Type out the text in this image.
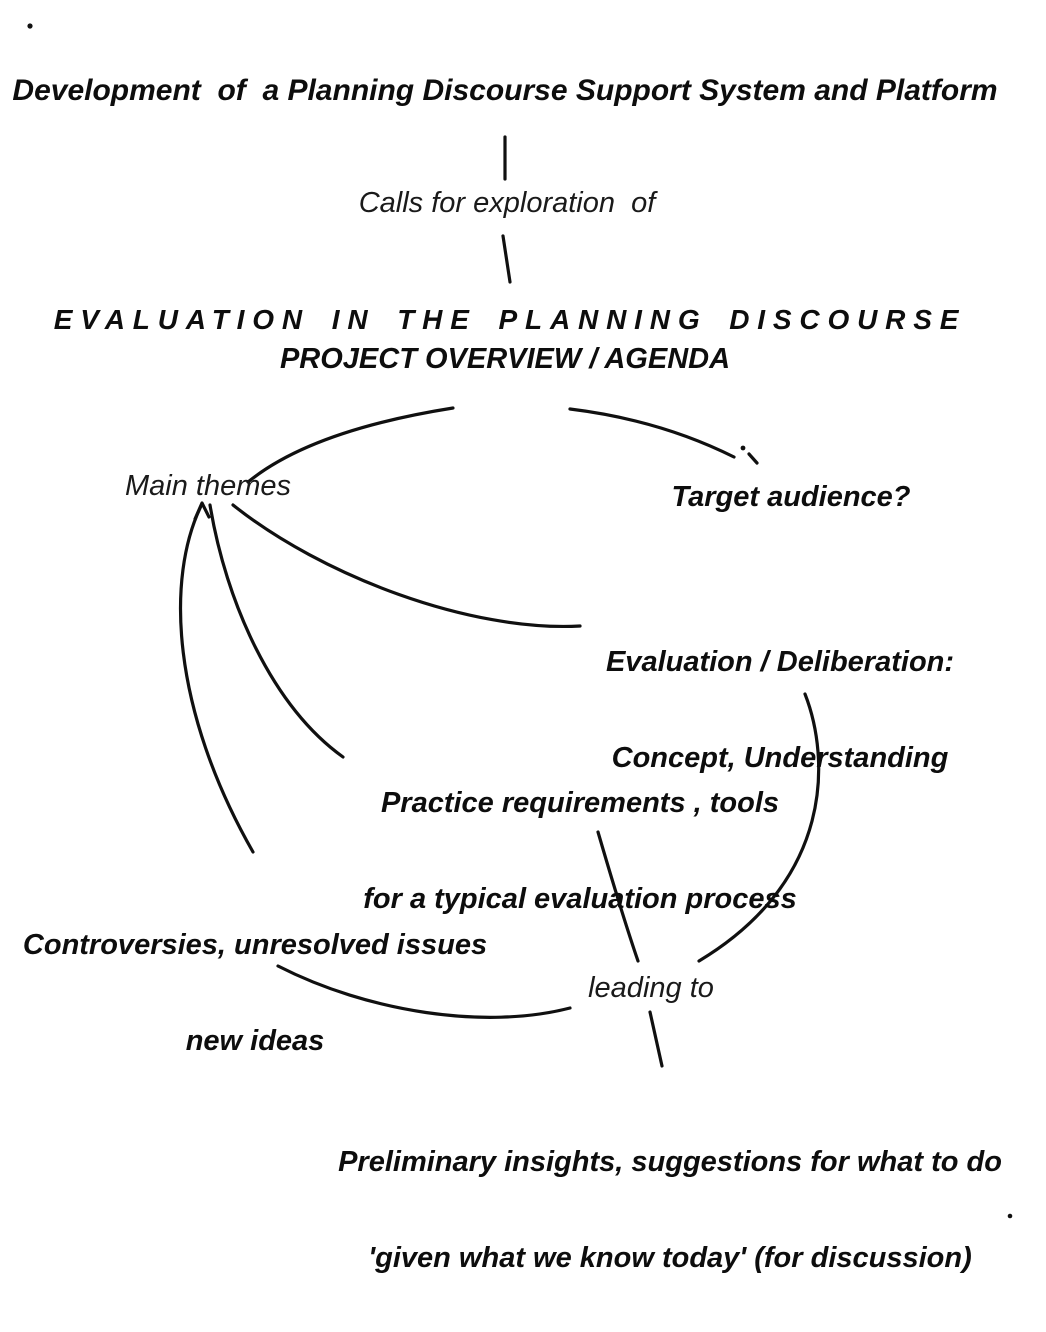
Development  of  a Planning Discourse Support System and Platform
Calls for exploration  of
EVALUATION IN THE PLANNING DISCOURSE
PROJECT OVERVIEW / AGENDA
Main themes	Target audience?

Evaluation / Deliberation:

Concept, Understanding

Practice requirements , tools

for a typical evaluation process

Controversies, unresolved issues

new ideas

leading to

Preliminary insights, suggestions for what to do

'given what we know today' (for discussion)
